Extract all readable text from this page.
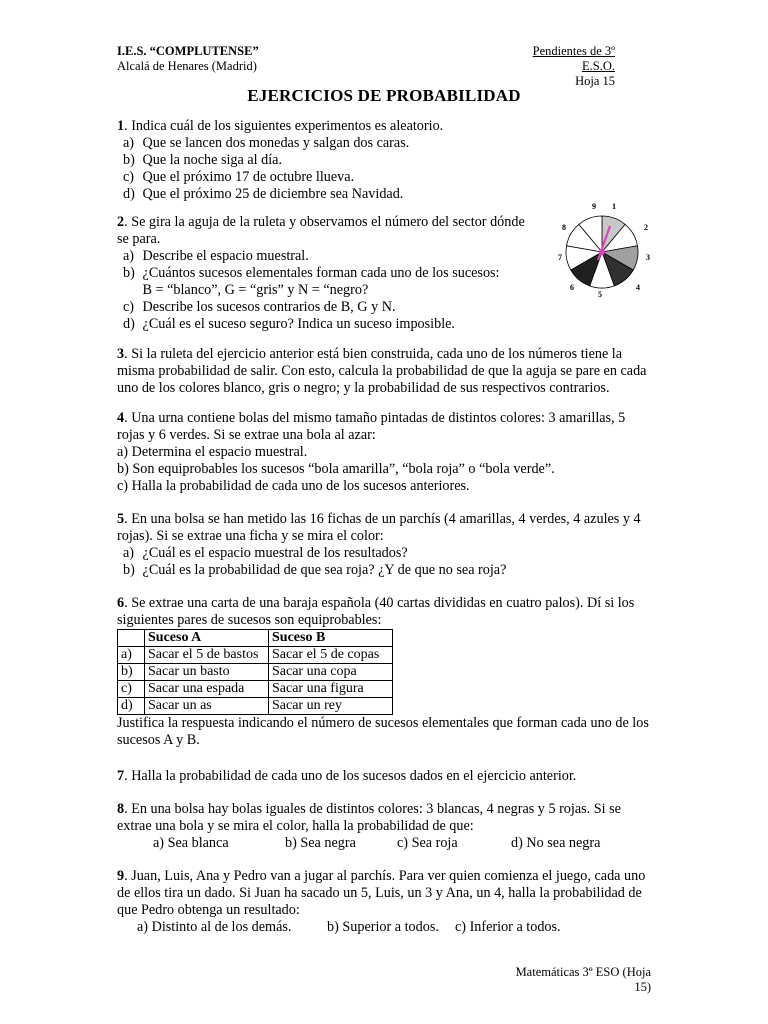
I.E.S. “COMPLUTENSE”
Alcalá de Henares (Madrid)
Pendientes de 3º E.S.O.
Hoja 15
EJERCICIOS DE PROBABILIDAD

1. Indica cuál de los siguientes experimentos es aleatorio.

a) Que se lancen dos monedas y salgan dos caras.
b) Que la noche siga al día.
c) Que el próximo 17 de octubre llueva.
d) Que el próximo 25 de diciembre sea Navidad.

2. Se gira la aguja de la ruleta y observamos el número del sector dónde se para.

a) Describe el espacio muestral.
b) ¿Cuántos sucesos elementales forman cada uno de los sucesos:
B = “blanco”, G = “gris” y N = “negro?
c) Describe los sucesos contrarios de B, G y N.
d) ¿Cuál es el suceso seguro? Indica un suceso imposible.
1
2
3
4
5
6
7
8
9

3. Si la ruleta del ejercicio anterior está bien construida, cada uno de los números tiene la misma probabilidad de salir. Con esto, calcula la probabilidad de que la aguja se pare en cada uno de los colores blanco, gris o negro; y la probabilidad de sus respectivos contrarios.

4. Una urna contiene bolas del mismo tamaño pintadas de distintos colores: 3 amarillas, 5 rojas y 6 verdes. Si se extrae una bola al azar:

a) Determina el espacio muestral.
b) Son equiprobables los sucesos “bola amarilla”, “bola roja” o “bola verde”.
c) Halla la probabilidad de cada uno de los sucesos anteriores.

5. En una bolsa se han metido las 16 fichas de un parchís (4 amarillas, 4 verdes, 4 azules y 4 rojas). Si se extrae una ficha y se mira el color:

a) ¿Cuál es el espacio muestral de los resultados?
b) ¿Cuál es la probabilidad de que sea roja? ¿Y de que no sea roja?

6. Se extrae una carta de una baraja española (40 cartas divididas en cuatro palos). Dí si los siguientes pares de sucesos son equiprobables:

	Suceso A	Suceso B
a)	Sacar el 5 de bastos	Sacar el 5 de copas
b)	Sacar un basto	Sacar una copa
c)	Sacar una espada	Sacar una figura
d)	Sacar un as	Sacar un rey

Justifica la respuesta indicando el número de sucesos elementales que forman cada uno de los sucesos A y B.

7. Halla la probabilidad de cada uno de los sucesos dados en el ejercicio anterior.

8. En una bolsa hay bolas iguales de distintos colores: 3 blancas, 4 negras y 5 rojas. Si se extrae una bola y se mira el color, halla la probabilidad de que:

a) Sea blanca	b) Sea negra	c) Sea roja	d) No sea negra

9. Juan, Luis, Ana y Pedro van a jugar al parchís. Para ver quien comienza el juego, cada uno de ellos tira un dado. Si Juan ha sacado un 5, Luis, un 3 y Ana, un 4, halla la probabilidad de que Pedro obtenga un resultado:

a) Distinto al de los demás.	b) Superior a todos.	c) Inferior a todos.
Matemáticas 3º ESO (Hoja 15)
